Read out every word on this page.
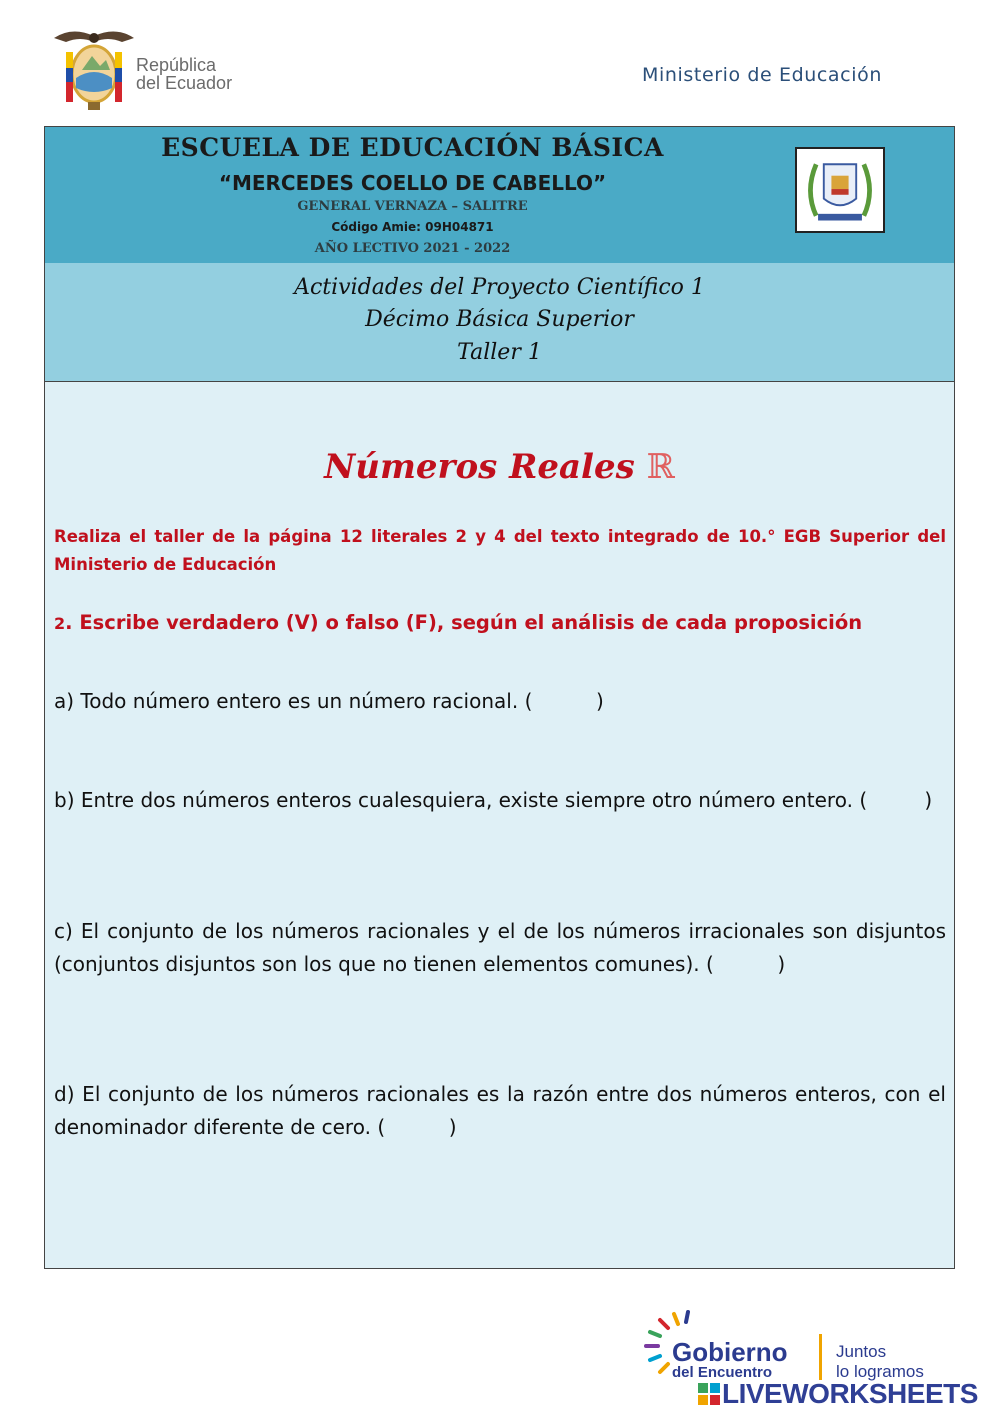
República
del Ecuador	Ministerio de Educación
ESCUELA DE EDUCACIÓN BÁSICA
“MERCEDES COELLO DE CABELLO”
GENERAL VERNAZA – SALITRE
Código Amie: 09H04871
AÑO LECTIVO 2021 - 2022
Actividades del Proyecto Científico 1
Décimo Básica Superior
Taller 1
Números Reales ℝ
Realiza el taller de la página 12 literales 2 y 4 del texto integrado de 10.° EGB Superior del Ministerio de Educación
2. Escribe verdadero (V) o falso (F), según el análisis de cada proposición
a) Todo número entero es un número racional. (          )
b) Entre dos números enteros cualesquiera, existe siempre otro número entero. (         )
c) El conjunto de los números racionales y el de los números irracionales son disjuntos (conjuntos disjuntos son los que no tienen elementos comunes). (          )
d) El conjunto de los números racionales es la razón entre dos números enteros, con el denominador diferente de cero. (          )
Gobierno
del Encuentro
Juntos
lo logramos
LIVEWORKSHEETS
